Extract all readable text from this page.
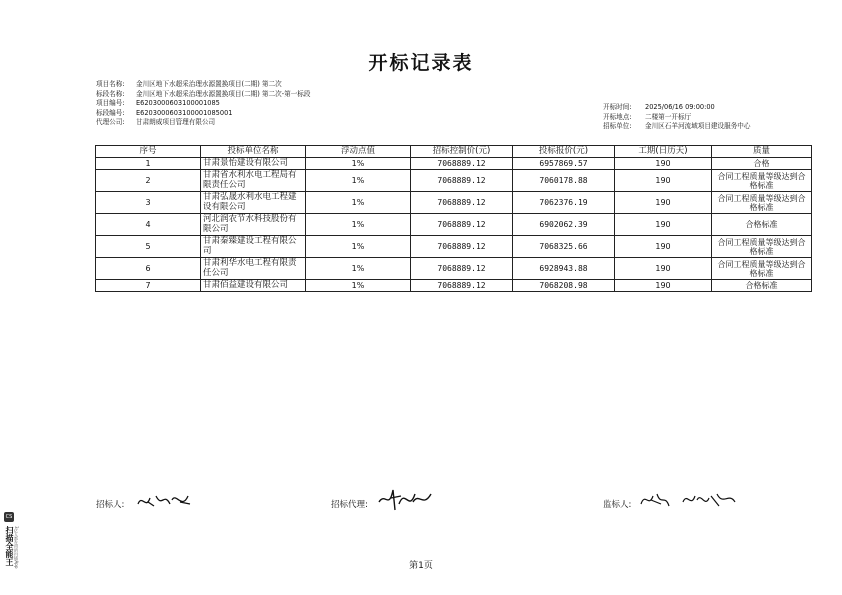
开标记录表
项目名称: 金川区地下水超采治理水源置换项目(二期) 第二次
标段名称: 金川区地下水超采治理水源置换项目(二期) 第二次-第一标段
项目编号: E6203000603100001085
标段编号: E6203000603100001085001
代理公司: 甘肃朗威项目管理有限公司
开标时间: 2025/06/16 09:00:00
开标地点: 二楼第一开标厅
招标单位: 金川区石羊河流域项目建设服务中心
序号	投标单位名称	浮动点值	招标控制价(元)	投标报价(元)	工期(日历天)	质量
1	甘肃景怡建设有限公司	1%	7068889.12	6957869.57	190	合格
2	甘肃省水利水电工程局有限责任公司	1%	7068889.12	7060178.88	190	合同工程质量等级达到合格标准
3	甘肃弘晟水利水电工程建设有限公司	1%	7068889.12	7062376.19	190	合同工程质量等级达到合格标准
4	河北润农节水科技股份有限公司	1%	7068889.12	6902062.39	190	合格标准
5	甘肃秦臻建设工程有限公司	1%	7068889.12	7068325.66	190	合同工程质量等级达到合格标准
6	甘肃利华水电工程有限责任公司	1%	7068889.12	6928943.88	190	合同工程质量等级达到合格标准
7	甘肃佰益建设有限公司	1%	7068889.12	7068208.98	190	合格标准
招标人:	招标代理:	监标人:
第1页
CS
扫描全能王 3亿人都在用的扫描App
